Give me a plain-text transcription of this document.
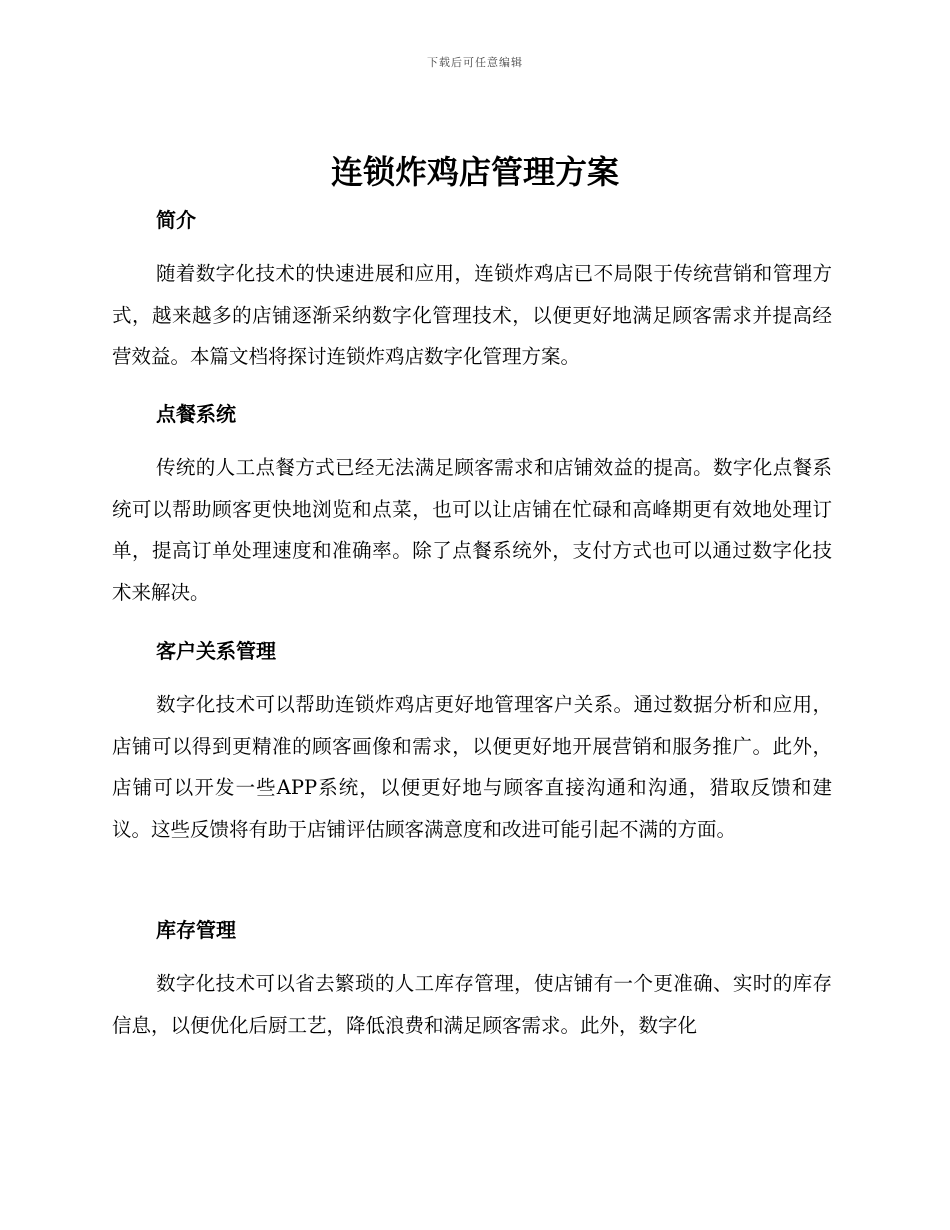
下载后可任意编辑
连锁炸鸡店管理方案
简介
随着数字化技术的快速进展和应用，连锁炸鸡店已不局限于传统营销和管理方式，越来越多的店铺逐渐采纳数字化管理技术，以便更好地满足顾客需求并提高经营效益。本篇文档将探讨连锁炸鸡店数字化管理方案。
点餐系统
传统的人工点餐方式已经无法满足顾客需求和店铺效益的提高。数字化点餐系统可以帮助顾客更快地浏览和点菜，也可以让店铺在忙碌和高峰期更有效地处理订单，提高订单处理速度和准确率。除了点餐系统外，支付方式也可以通过数字化技术来解决。
客户关系管理
数字化技术可以帮助连锁炸鸡店更好地管理客户关系。通过数据分析和应用，店铺可以得到更精准的顾客画像和需求，以便更好地开展营销和服务推广。此外，店铺可以开发一些APP系统，以便更好地与顾客直接沟通和沟通，猎取反馈和建议。这些反馈将有助于店铺评估顾客满意度和改进可能引起不满的方面。
库存管理
数字化技术可以省去繁琐的人工库存管理，使店铺有一个更准确、实时的库存信息，以便优化后厨工艺，降低浪费和满足顾客需求。此外，数字化
